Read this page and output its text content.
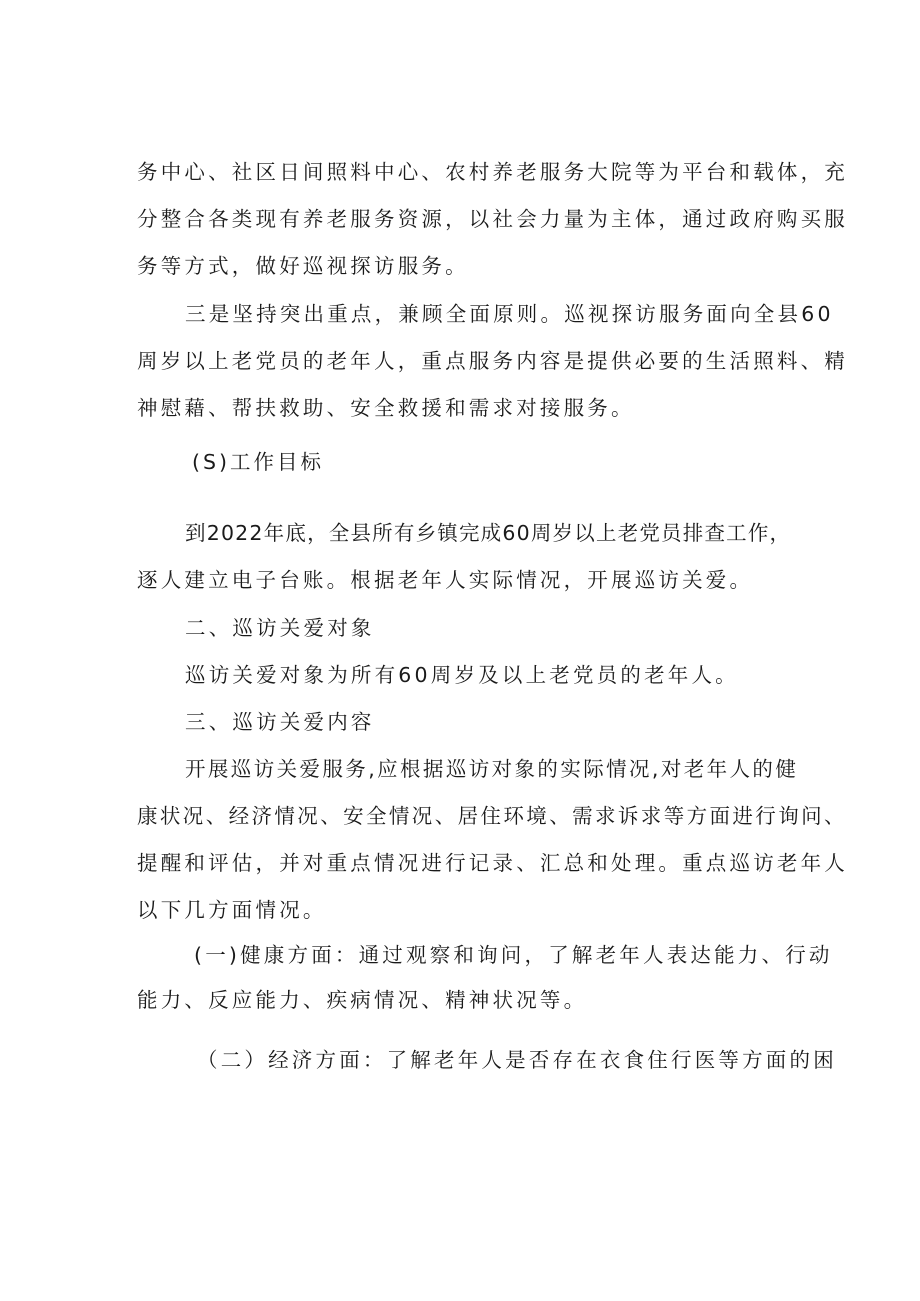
务中心、社区日间照料中心、农村养老服务大院等为平台和载体，充
分整合各类现有养老服务资源，以社会力量为主体，通过政府购买服
务等方式，做好巡视探访服务。
三是坚持突出重点，兼顾全面原则。巡视探访服务面向全县60
周岁以上老党员的老年人，重点服务内容是提供必要的生活照料、精
神慰藉、帮扶救助、安全救援和需求对接服务。
(S)工作目标
到2022年底，全县所有乡镇完成60周岁以上老党员排查工作，
逐人建立电子台账。根据老年人实际情况，开展巡访关爱。
二、巡访关爱对象
巡访关爱对象为所有60周岁及以上老党员的老年人。
三、巡访关爱内容
开展巡访关爱服务,应根据巡访对象的实际情况,对老年人的健
康状况、经济情况、安全情况、居住环境、需求诉求等方面进行询问、
提醒和评估，并对重点情况进行记录、汇总和处理。重点巡访老年人
以下几方面情况。
(一)健康方面：通过观察和询问，了解老年人表达能力、行动
能力、反应能力、疾病情况、精神状况等。
（二）经济方面：了解老年人是否存在衣食住行医等方面的困
